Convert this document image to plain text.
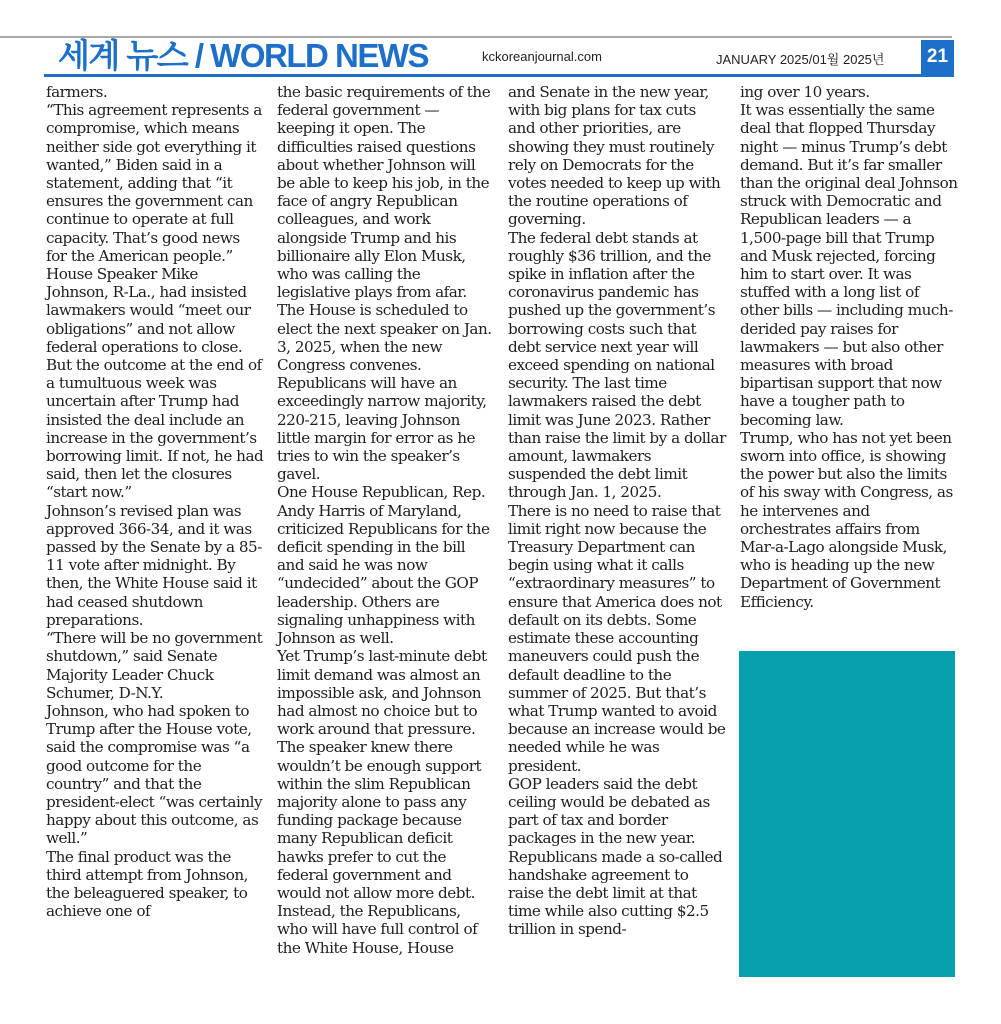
세계 뉴스 / WORLD NEWS	kckoreanjournal.com	JANUARY 2025/01월 2025년	21

farmers.

“This agreement represents a compromise, which means neither side got everything it wanted,” Biden said in a statement, adding that “it ensures the government can continue to operate at full capacity. That’s good news for the American people.”

House Speaker Mike Johnson, R-La., had insisted lawmakers would “meet our obligations” and not allow federal operations to close. But the outcome at the end of a tumultuous week was uncertain after Trump had insisted the deal include an increase in the government’s borrowing limit. If not, he had said, then let the closures “start now.”

Johnson’s revised plan was approved 366-34, and it was passed by the Senate by a 85-11 vote after midnight. By then, the White House said it had ceased shutdown preparations.

“There will be no government shutdown,” said Senate Majority Leader Chuck Schumer, D-N.Y.

Johnson, who had spoken to Trump after the House vote, said the compromise was “a good outcome for the country” and that the president-elect “was certainly happy about this outcome, as well.”

The final product was the third attempt from Johnson, the beleaguered speaker, to achieve one of

the basic requirements of the federal government — keeping it open. The difficulties raised questions about whether Johnson will be able to keep his job, in the face of angry Republican colleagues, and work alongside Trump and his billionaire ally Elon Musk, who was calling the legislative plays from afar.

The House is scheduled to elect the next speaker on Jan. 3, 2025, when the new Congress convenes. Republicans will have an exceedingly narrow majority, 220-215, leaving Johnson little margin for error as he tries to win the speaker’s gavel.

One House Republican, Rep. Andy Harris of Maryland, criticized Republicans for the deficit spending in the bill and said he was now “undecided” about the GOP leadership. Others are signaling unhappiness with Johnson as well.

Yet Trump’s last-minute debt limit demand was almost an impossible ask, and Johnson had almost no choice but to work around that pressure. The speaker knew there wouldn’t be enough support within the slim Republican majority alone to pass any funding package because many Republican deficit hawks prefer to cut the federal government and would not allow more debt.

Instead, the Republicans, who will have full control of the White House, House

and Senate in the new year, with big plans for tax cuts and other priorities, are showing they must routinely rely on Democrats for the votes needed to keep up with the routine operations of governing.

The federal debt stands at roughly $36 trillion, and the spike in inflation after the coronavirus pandemic has pushed up the government’s borrowing costs such that debt service next year will exceed spending on national security. The last time lawmakers raised the debt limit was June 2023. Rather than raise the limit by a dollar amount, lawmakers suspended the debt limit through Jan. 1, 2025.

There is no need to raise that limit right now because the Treasury Department can begin using what it calls “extraordinary measures” to ensure that America does not default on its debts. Some estimate these accounting maneuvers could push the default deadline to the summer of 2025. But that’s what Trump wanted to avoid because an increase would be needed while he was president.

GOP leaders said the debt ceiling would be debated as part of tax and border packages in the new year. Republicans made a so-called handshake agreement to raise the debt limit at that time while also cutting $2.5 trillion in spend-

ing over 10 years.

It was essentially the same deal that flopped Thursday night — minus Trump’s debt demand. But it’s far smaller than the original deal Johnson struck with Democratic and Republican leaders — a 1,500-page bill that Trump and Musk rejected, forcing him to start over. It was stuffed with a long list of other bills — including much-derided pay raises for lawmakers — but also other measures with broad bipartisan support that now have a tougher path to becoming law.

Trump, who has not yet been sworn into office, is showing the power but also the limits of his sway with Congress, as he intervenes and orchestrates affairs from Mar-a-Lago alongside Musk, who is heading up the new Department of Government Efficiency.
